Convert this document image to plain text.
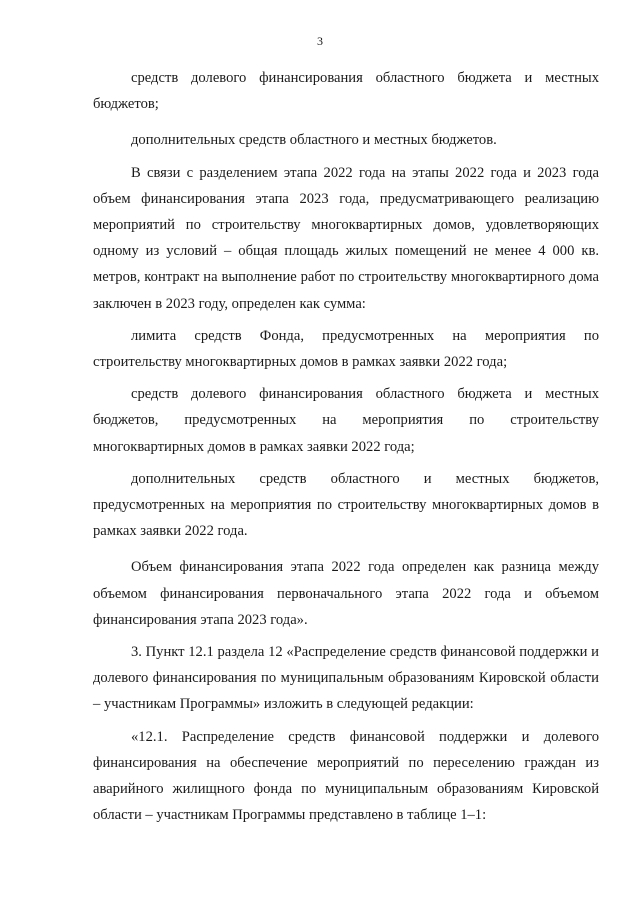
3

средств долевого финансирования областного бюджета и местных бюджетов;

дополнительных средств областного и местных бюджетов.

В связи с разделением этапа 2022 года на этапы 2022 года и 2023 года объем финансирования этапа 2023 года, предусматривающего реализацию мероприятий по строительству многоквартирных домов, удовлетворяющих одному из условий – общая площадь жилых помещений не менее 4 000 кв. метров, контракт на выполнение работ по строительству многоквартирного дома заключен в 2023 году, определен как сумма:

лимита средств Фонда, предусмотренных на мероприятия по строительству многоквартирных домов в рамках заявки 2022 года;

средств долевого финансирования областного бюджета и местных бюджетов, предусмотренных на мероприятия по строительству многоквартирных домов в рамках заявки 2022 года;

дополнительных средств областного и местных бюджетов, предусмотренных на мероприятия по строительству многоквартирных домов в рамках заявки 2022 года.

Объем финансирования этапа 2022 года определен как разница между объемом финансирования первоначального этапа 2022 года и объемом финансирования этапа 2023 года».

3. Пункт 12.1 раздела 12 «Распределение средств финансовой поддержки и долевого финансирования по муниципальным образованиям Кировской области – участникам Программы» изложить в следующей редакции:

«12.1. Распределение средств финансовой поддержки и долевого финансирования на обеспечение мероприятий по переселению граждан из аварийного жилищного фонда по муниципальным образованиям Кировской области – участникам Программы представлено в таблице 1–1:
